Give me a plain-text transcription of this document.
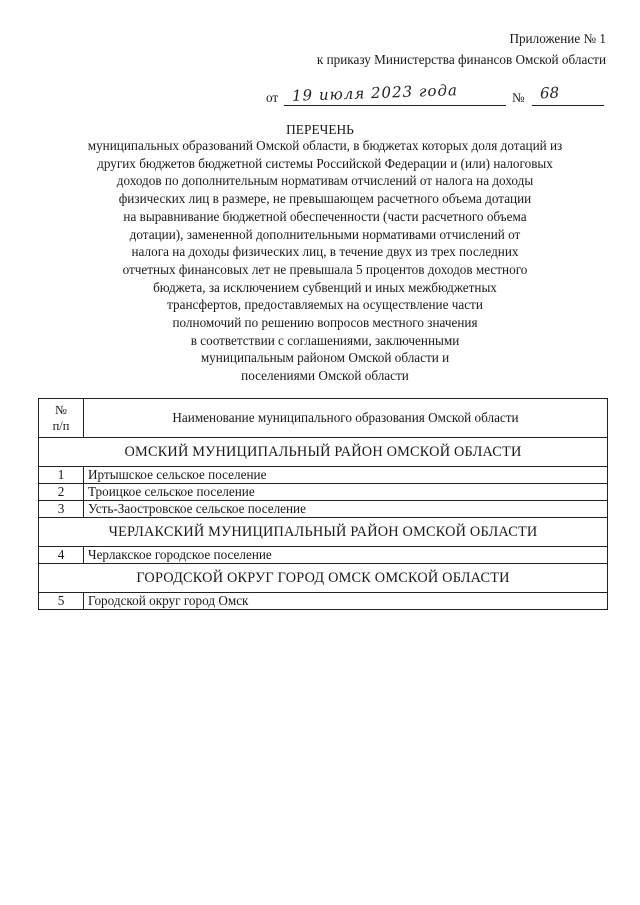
Приложение № 1
к приказу Министерства финансов Омской области
от 19 июля 2023 года	№ 68
ПЕРЕЧЕНЬ
муниципальных образований Омской области, в бюджетах которых доля дотаций из
других бюджетов бюджетной системы Российской Федерации и (или) налоговых
доходов по дополнительным нормативам отчислений от налога на доходы
физических лиц в размере, не превышающем расчетного объема дотации
на выравнивание бюджетной обеспеченности (части расчетного объема
дотации), замененной дополнительными нормативами отчислений от
налога на доходы физических лиц, в течение двух из трех последних
отчетных финансовых лет не превышала 5 процентов доходов местного
бюджета, за исключением субвенций и иных межбюджетных
трансфертов, предоставляемых на осуществление части
полномочий по решению вопросов местного значения
в соответствии с соглашениями, заключенными
муниципальным районом Омской области и
поселениями Омской области
№
п/п	Наименование муниципального образования Омской области
ОМСКИЙ МУНИЦИПАЛЬНЫЙ РАЙОН ОМСКОЙ ОБЛАСТИ	
1	Иртышское сельское поселение
2	Троицкое сельское поселение
3	Усть-Заостровское сельское поселение
ЧЕРЛАКСКИЙ МУНИЦИПАЛЬНЫЙ РАЙОН ОМСКОЙ ОБЛАСТИ	
4	Черлакское городское поселение
ГОРОДСКОЙ ОКРУГ ГОРОД ОМСК ОМСКОЙ ОБЛАСТИ	
5	Городской округ город Омск
